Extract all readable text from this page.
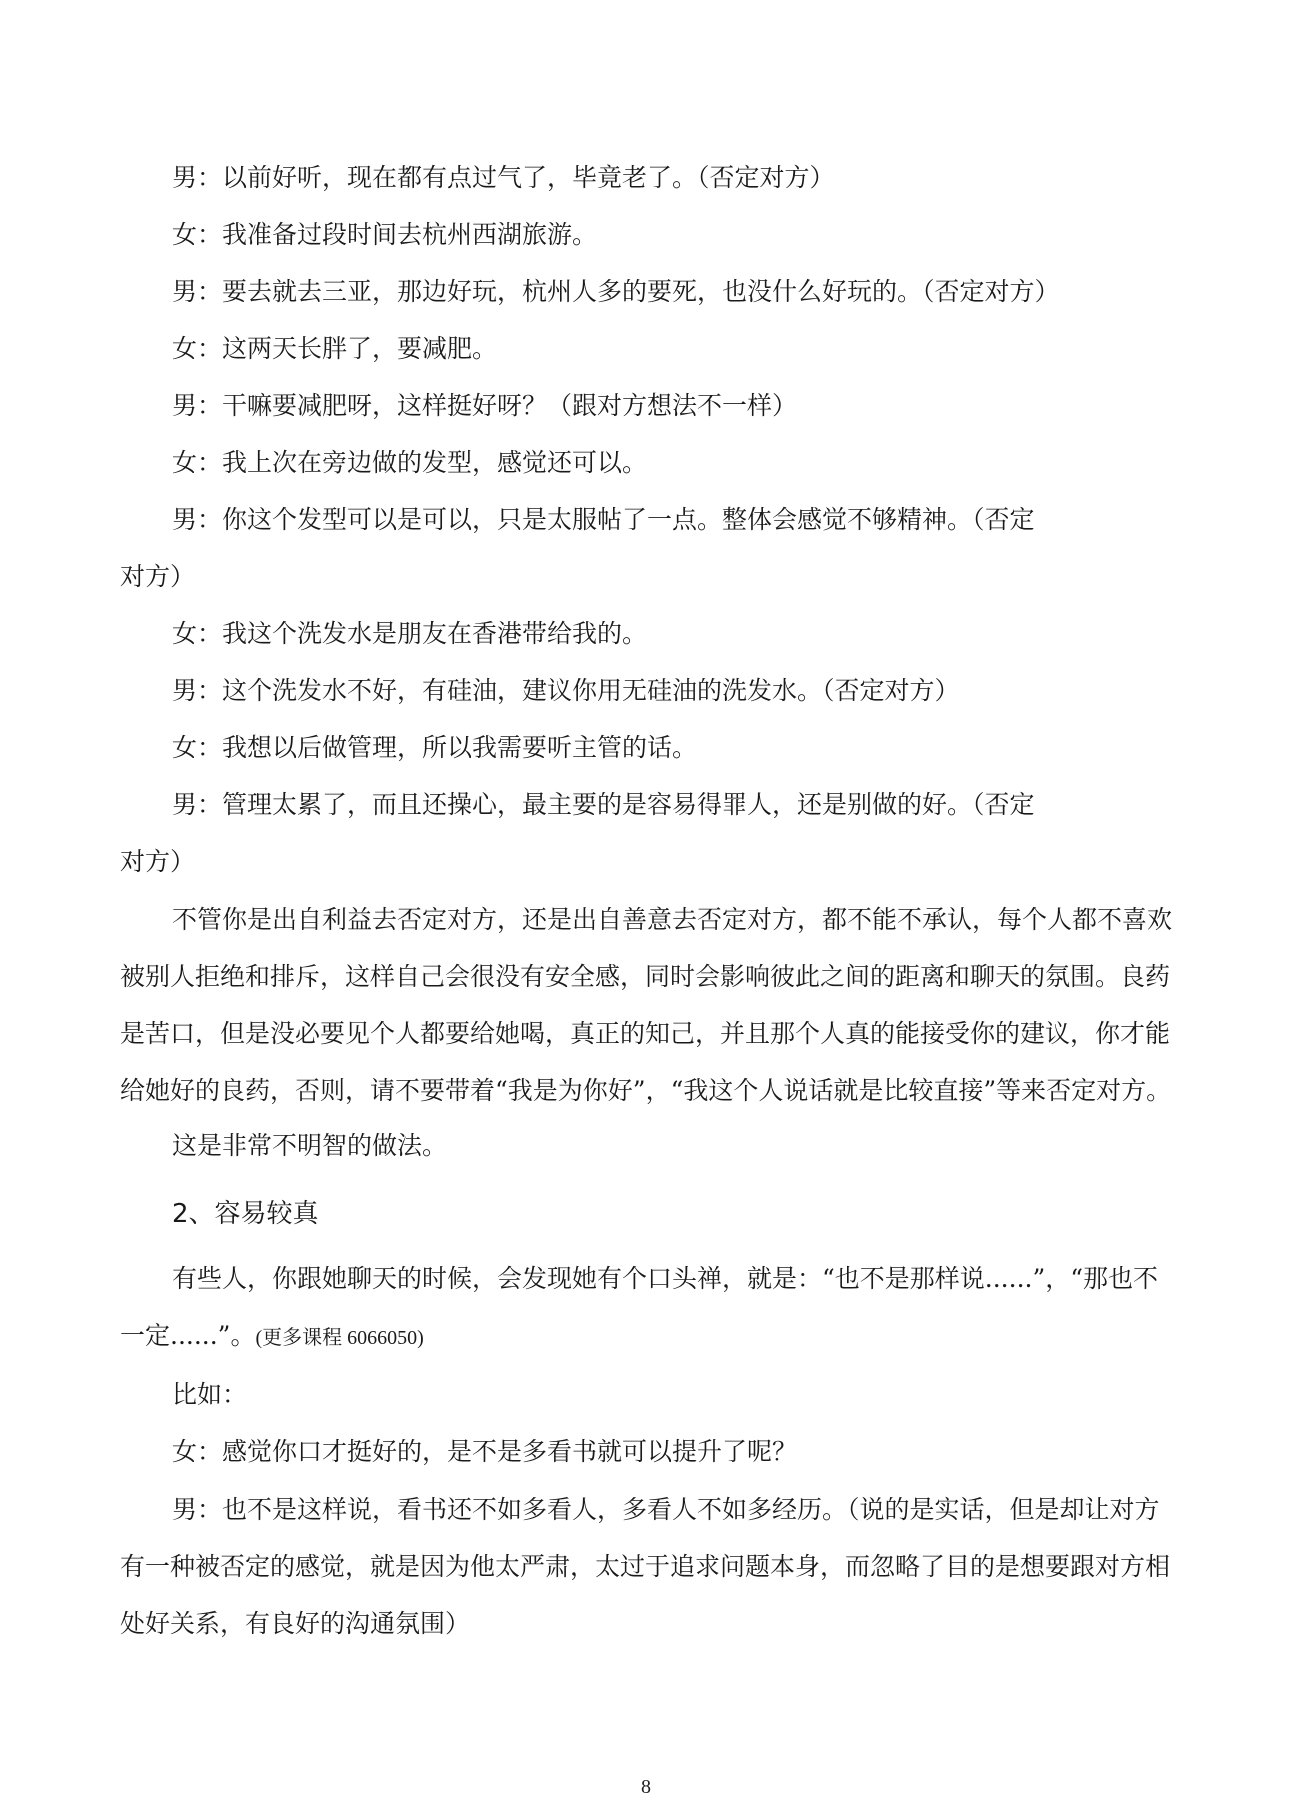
男：以前好听，现在都有点过气了，毕竟老了。（否定对方）
女：我准备过段时间去杭州西湖旅游。
男：要去就去三亚，那边好玩，杭州人多的要死，也没什么好玩的。（否定对方）
女：这两天长胖了，要减肥。
男：干嘛要减肥呀，这样挺好呀？（跟对方想法不一样）
女：我上次在旁边做的发型，感觉还可以。
男：你这个发型可以是可以，只是太服帖了一点。整体会感觉不够精神。（否定
对方）
女：我这个洗发水是朋友在香港带给我的。
男：这个洗发水不好，有硅油，建议你用无硅油的洗发水。（否定对方）
女：我想以后做管理，所以我需要听主管的话。
男：管理太累了，而且还操心，最主要的是容易得罪人，还是别做的好。（否定
对方）

不管你是出自利益去否定对方，还是出自善意去否定对方，都不能不承认，每个人都不喜欢被别人拒绝和排斥，这样自己会很没有安全感，同时会影响彼此之间的距离和聊天的氛围。良药是苦口，但是没必要见个人都要给她喝，真正的知己，并且那个人真的能接受你的建议，你才能给她好的良药，否则，请不要带着“我是为你好”，“我这个人说话就是比较直接”等来否定对方。

这是非常不明智的做法。

2、容易较真

有些人，你跟她聊天的时候，会发现她有个口头禅，就是：“也不是那样说......”，“那也不一定......”。(更多课程 6066050)

比如：
女：感觉你口才挺好的，是不是多看书就可以提升了呢？

男：也不是这样说，看书还不如多看人，多看人不如多经历。（说的是实话，但是却让对方有一种被否定的感觉，就是因为他太严肃，太过于追求问题本身，而忽略了目的是想要跟对方相处好关系，有良好的沟通氛围）

8
